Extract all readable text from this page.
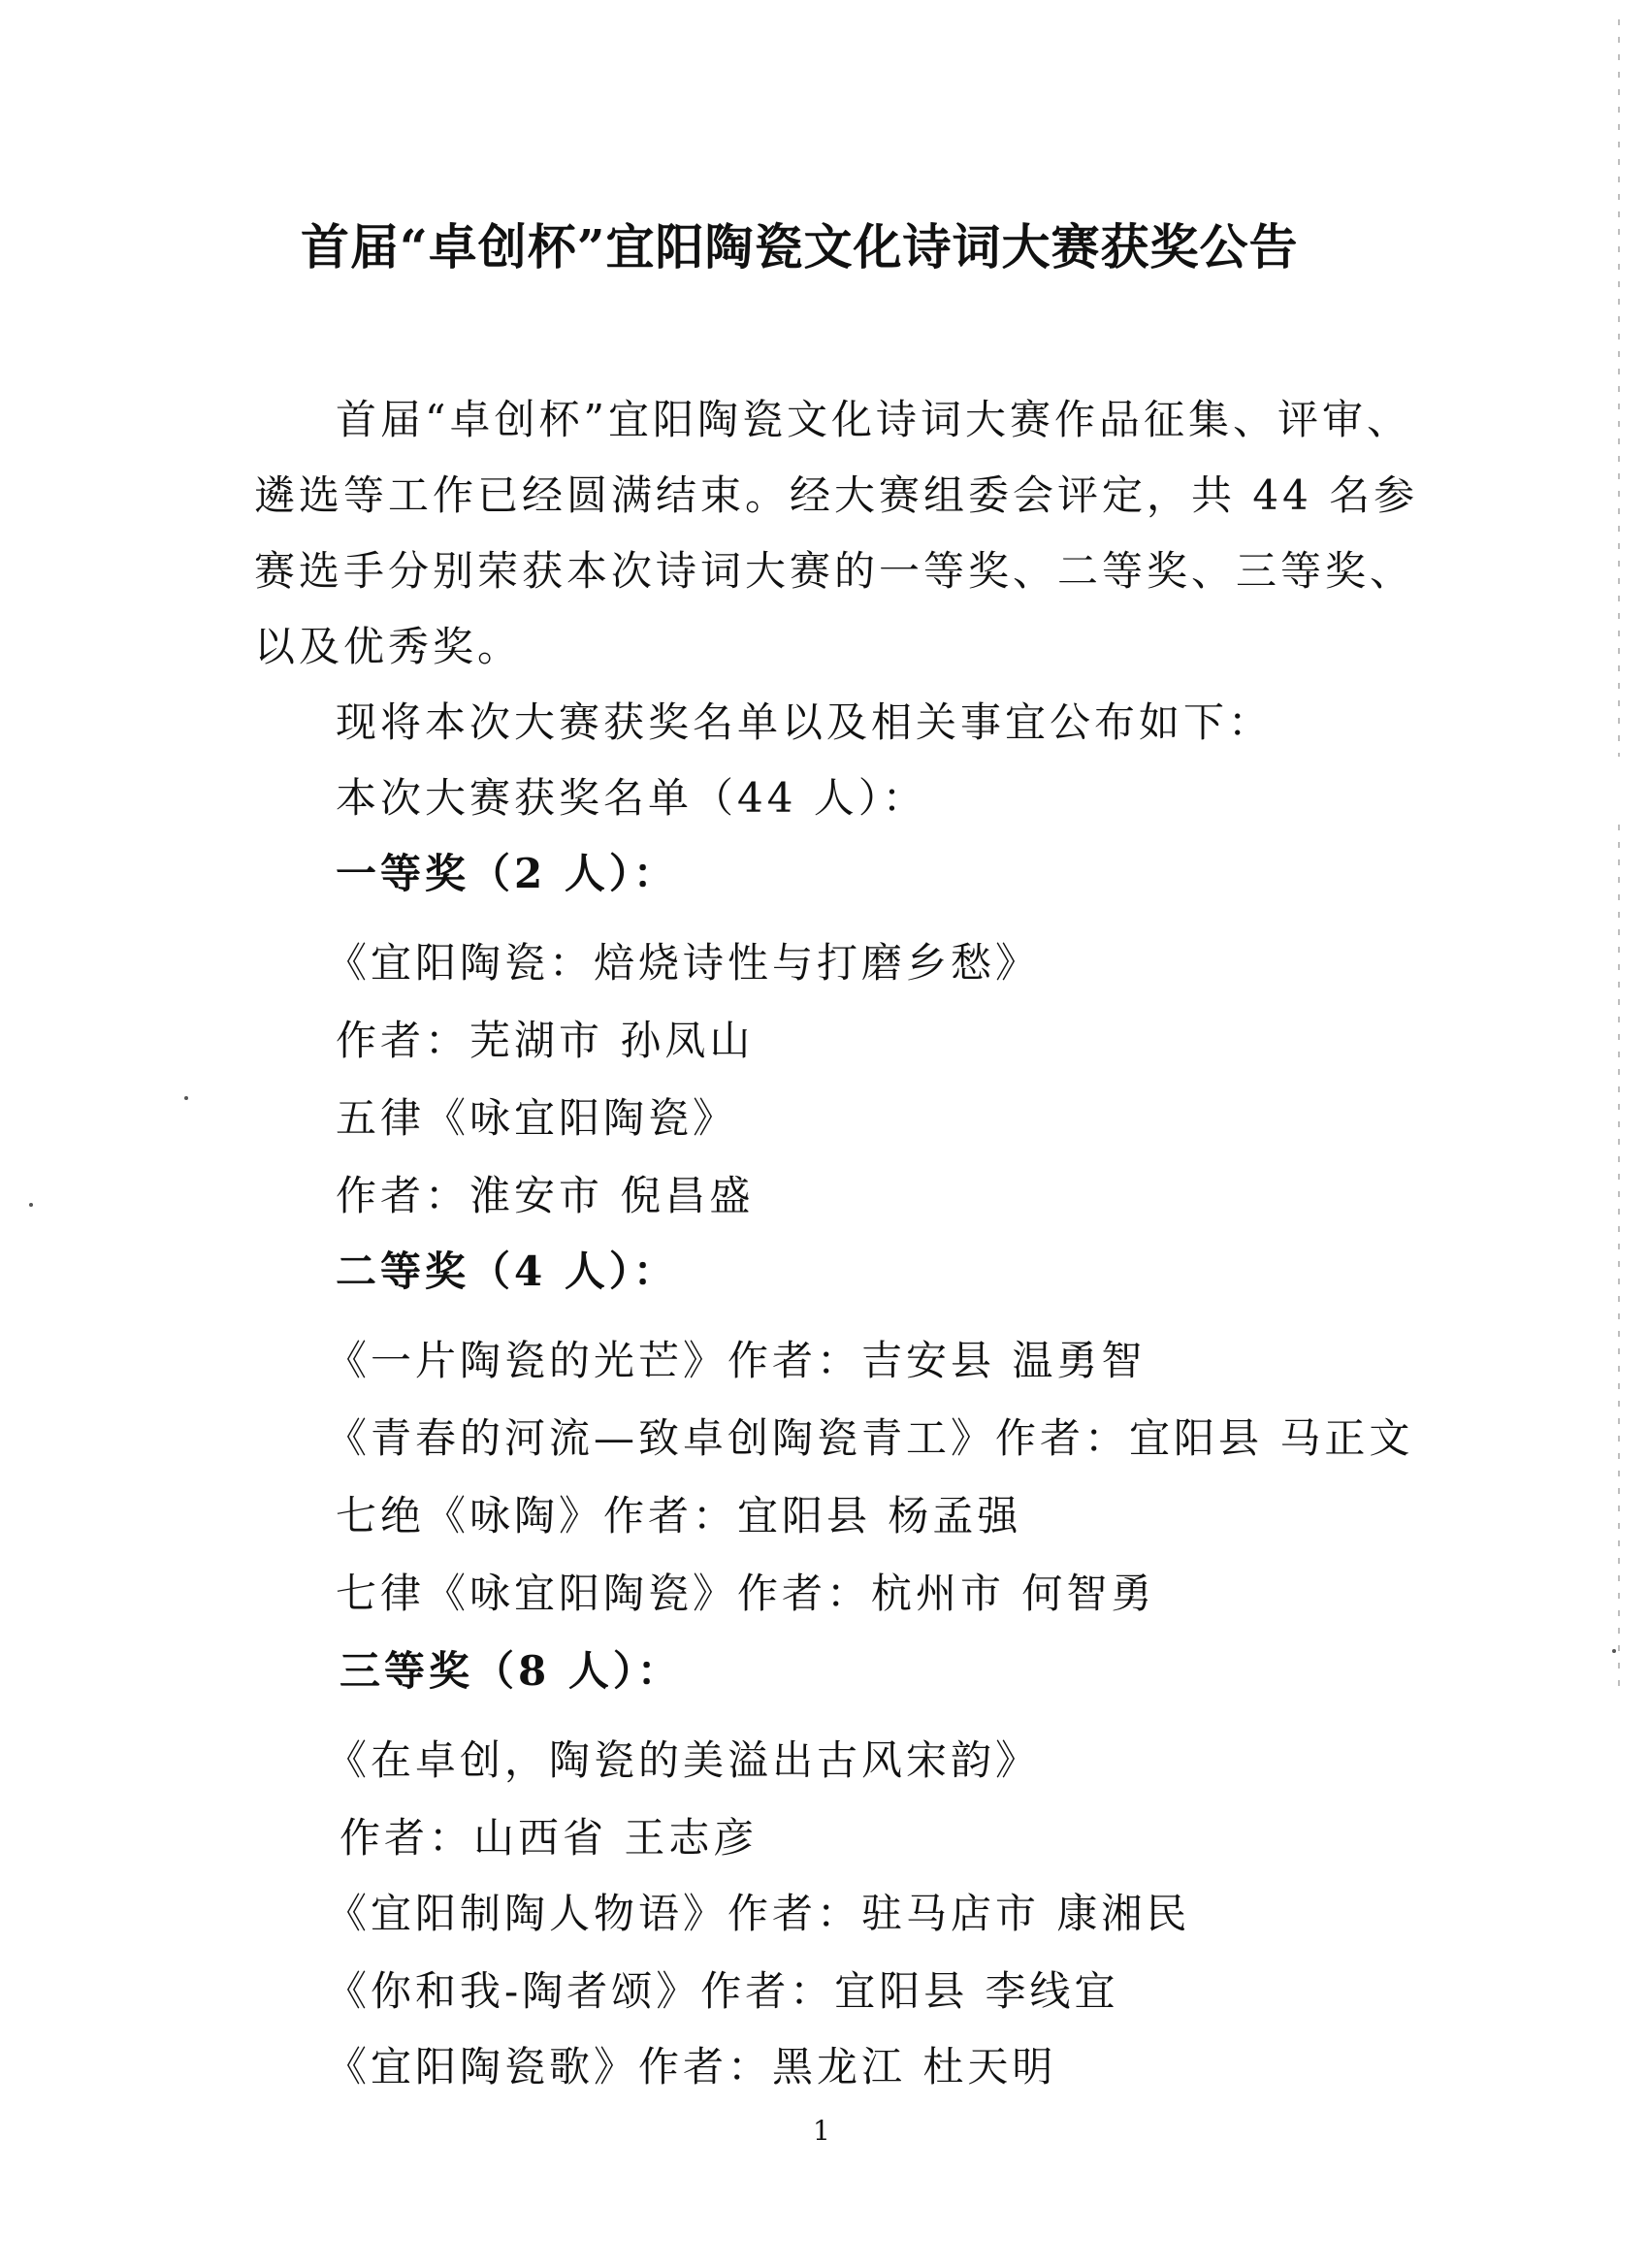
首届“卓创杯”宜阳陶瓷文化诗词大赛获奖公告
首届“卓创杯”宜阳陶瓷文化诗词大赛作品征集、评审、
遴选等工作已经圆满结束。经大赛组委会评定，共 44 名参
赛选手分别荣获本次诗词大赛的一等奖、二等奖、三等奖、
以及优秀奖。
现将本次大赛获奖名单以及相关事宜公布如下：
本次大赛获奖名单（44 人）：
一等奖（2 人）：
《宜阳陶瓷：焙烧诗性与打磨乡愁》
作者：芜湖市 孙凤山
五律《咏宜阳陶瓷》
作者：淮安市 倪昌盛
二等奖（4 人）：
《一片陶瓷的光芒》作者：吉安县 温勇智
《青春的河流—致卓创陶瓷青工》作者：宜阳县 马正文
七绝《咏陶》作者：宜阳县 杨孟强
七律《咏宜阳陶瓷》作者：杭州市 何智勇
三等奖（8 人）：
《在卓创，陶瓷的美溢出古风宋韵》
作者：山西省 王志彦
《宜阳制陶人物语》作者：驻马店市 康湘民
《你和我-陶者颂》作者：宜阳县 李线宜
《宜阳陶瓷歌》作者：黑龙江 杜天明
1
